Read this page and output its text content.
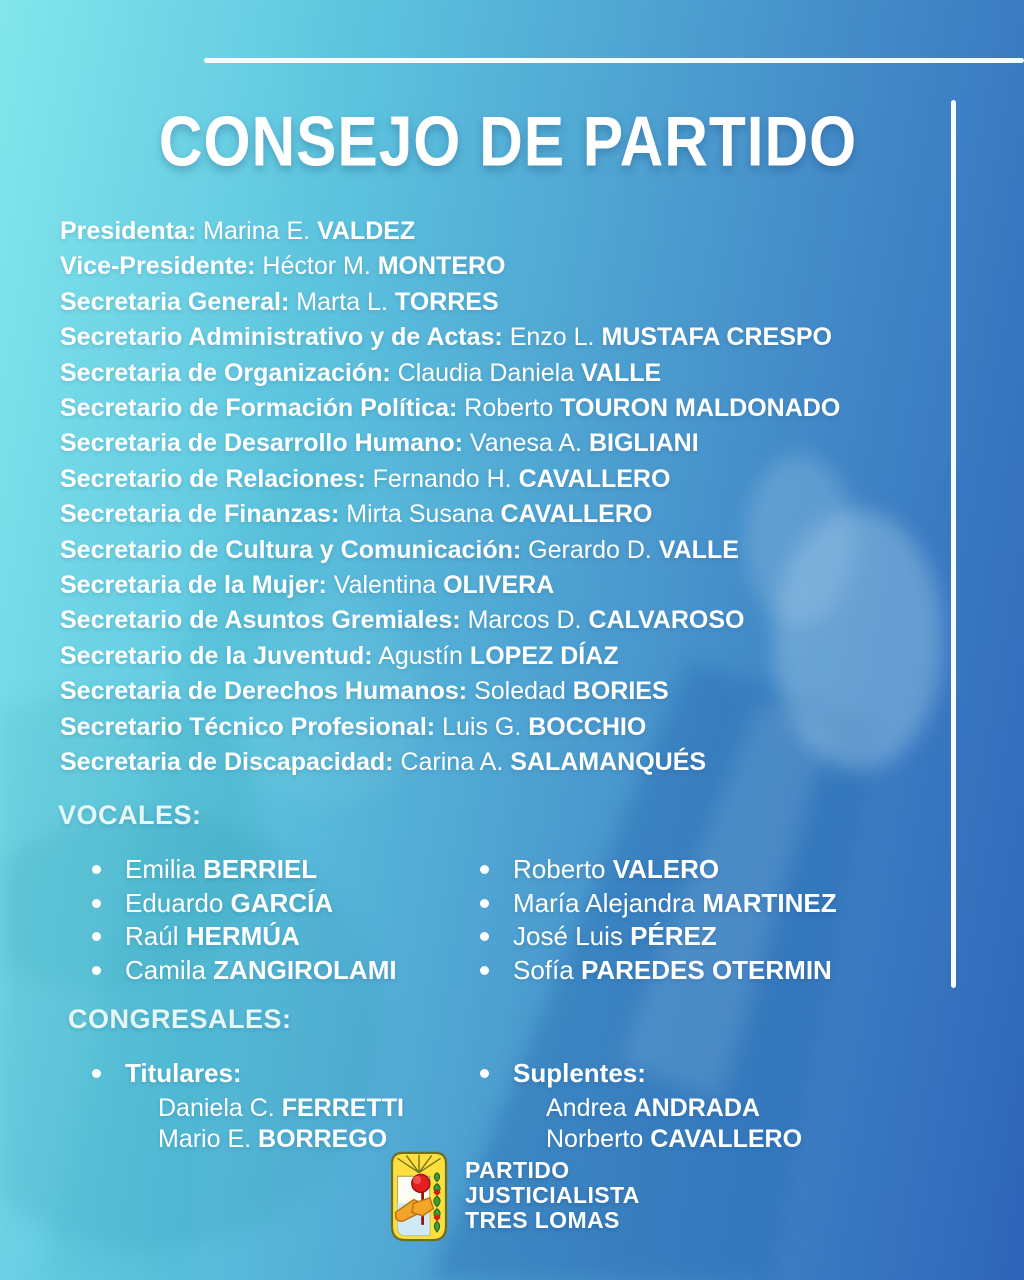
CONSEJO DE PARTIDO
Presidenta: Marina E. VALDEZ
Vice-Presidente: Héctor M. MONTERO
Secretaria General: Marta L. TORRES
Secretario Administrativo y de Actas: Enzo L. MUSTAFA CRESPO
Secretaria de Organización: Claudia Daniela VALLE
Secretario de Formación Política: Roberto TOURON MALDONADO
Secretaria de Desarrollo Humano: Vanesa A. BIGLIANI
Secretario de Relaciones: Fernando H. CAVALLERO
Secretaria de Finanzas: Mirta Susana CAVALLERO
Secretario de Cultura y Comunicación: Gerardo D. VALLE
Secretaria de la Mujer: Valentina OLIVERA
Secretario de Asuntos Gremiales: Marcos D. CALVAROSO
Secretario de la Juventud: Agustín LOPEZ DÍAZ
Secretaria de Derechos Humanos: Soledad BORIES
Secretario Técnico Profesional: Luis G. BOCCHIO
Secretaria de Discapacidad: Carina A. SALAMANQUÉS
VOCALES:
Emilia BERRIEL
Eduardo GARCÍA
Raúl HERMÚA
Camila ZANGIROLAMI
Roberto VALERO
María Alejandra MARTINEZ
José Luis PÉREZ
Sofía PAREDES OTERMIN
CONGRESALES:
Titulares:
Daniela C. FERRETTI
Mario E. BORREGO
Suplentes:
Andrea ANDRADA
Norberto CAVALLERO
PARTIDO
JUSTICIALISTA
TRES LOMAS
